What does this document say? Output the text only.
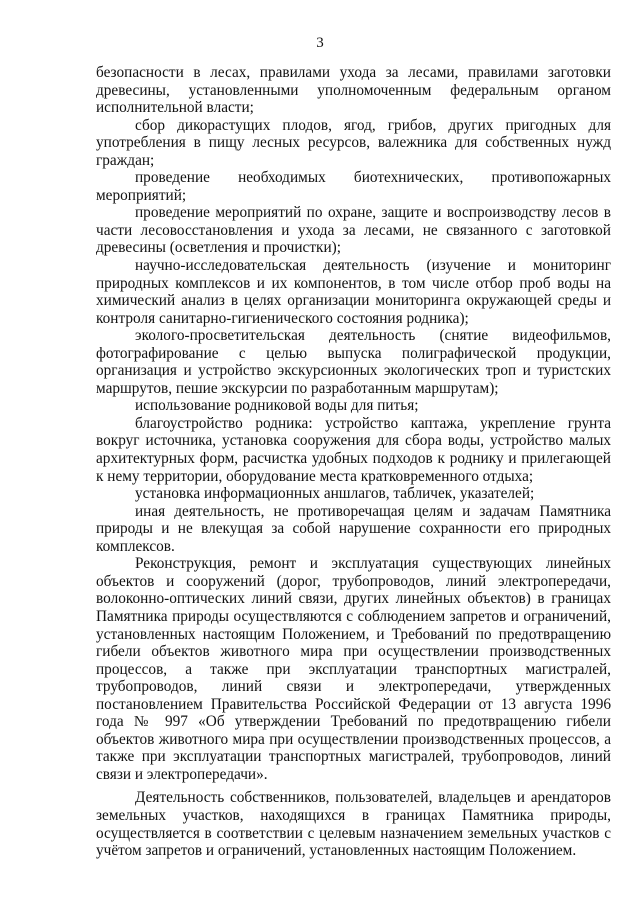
3

безопасности в лесах, правилами ухода за лесами, правилами заготовки древесины, установленными уполномоченным федеральным органом исполнительной власти;

сбор дикорастущих плодов, ягод, грибов, других пригодных для употребления в пищу лесных ресурсов, валежника для собственных нужд граждан;

проведение необходимых биотехнических, противопожарных мероприятий;

проведение мероприятий по охране, защите и воспроизводству лесов в части лесовосстановления и ухода за лесами, не связанного с заготовкой древесины (осветления и прочистки);

научно-исследовательская деятельность (изучение и мониторинг природных комплексов и их компонентов, в том числе отбор проб воды на химический анализ в целях организации мониторинга окружающей среды и контроля санитарно-гигиенического состояния родника);

эколого-просветительская деятельность (снятие видеофильмов, фотографирование с целью выпуска полиграфической продукции, организация и устройство экскурсионных экологических троп и туристских маршрутов, пешие экскурсии по разработанным маршрутам);

использование родниковой воды для питья;

благоустройство родника: устройство каптажа, укрепление грунта вокруг источника, установка сооружения для сбора воды, устройство малых архитектурных форм, расчистка удобных подходов к роднику и прилегающей к нему территории, оборудование места кратковременного отдыха;

установка информационных аншлагов, табличек, указателей;

иная деятельность, не противоречащая целям и задачам Памятника природы и не влекущая за собой нарушение сохранности его природных комплексов.

Реконструкция, ремонт и эксплуатация существующих линейных объектов и сооружений (дорог, трубопроводов, линий электропередачи, волоконно-оптических линий связи, других линейных объектов) в границах Памятника природы осуществляются с соблюдением запретов и ограничений, установленных настоящим Положением, и Требований по предотвращению гибели объектов животного мира при осуществлении производственных процессов, а также при эксплуатации транспортных магистралей, трубопроводов, линий связи и электропередачи, утвержденных постановлением Правительства Российской Федерации от 13 августа 1996 года № 997 «Об утверждении Требований по предотвращению гибели объектов животного мира при осуществлении производственных процессов, а также при эксплуатации транспортных магистралей, трубопроводов, линий связи и электропередачи».

Деятельность собственников, пользователей, владельцев и арендаторов земельных участков, находящихся в границах Памятника природы, осуществляется в соответствии с целевым назначением земельных участков с учётом запретов и ограничений, установленных настоящим Положением.
